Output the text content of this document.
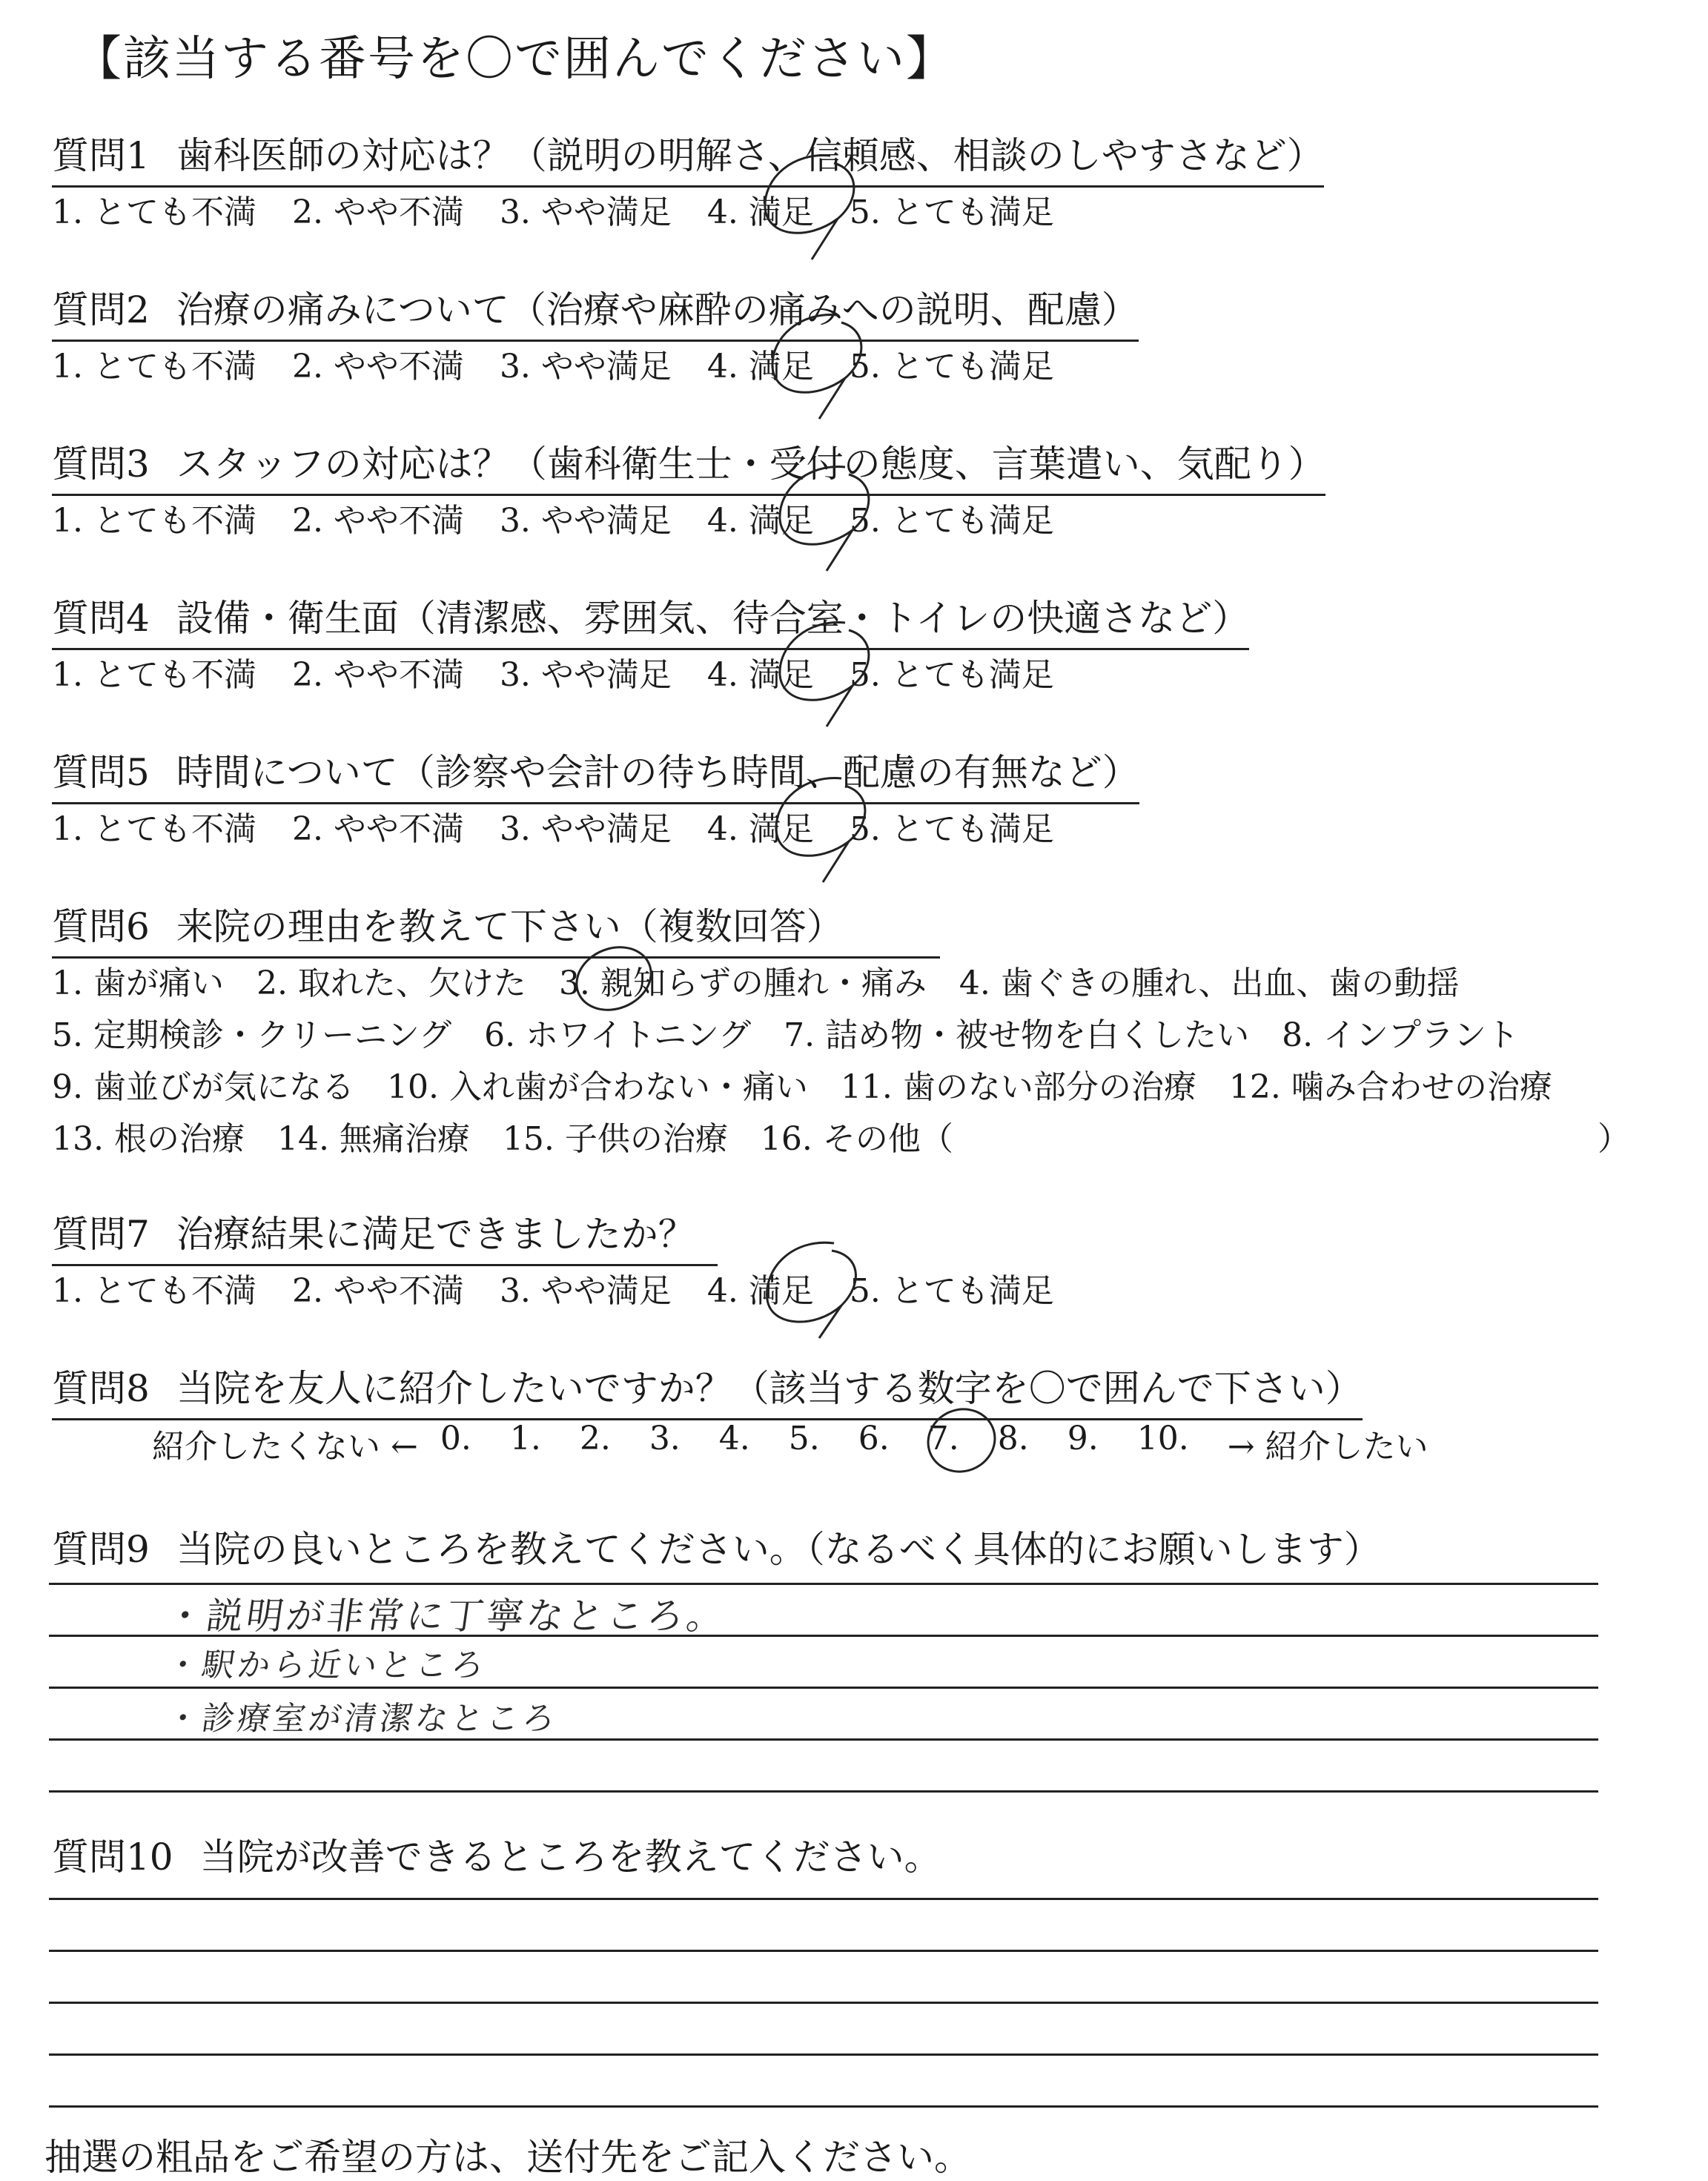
【該当する番号を〇で囲んでください】
質問1 歯科医師の対応は？（説明の明解さ、信頼感、相談のしやすさなど）
1. とても不満 2. やや不満 3. やや満足 4. 満足 5. とても満足
質問2 治療の痛みについて（治療や麻酔の痛みへの説明、配慮）
1. とても不満 2. やや不満 3. やや満足 4. 満足 5. とても満足
質問3 スタッフの対応は？（歯科衛生士・受付の態度、言葉遣い、気配り）
1. とても不満 2. やや不満 3. やや満足 4. 満足 5. とても満足
質問4 設備・衛生面（清潔感、雰囲気、待合室・トイレの快適さなど）
1. とても不満 2. やや不満 3. やや満足 4. 満足 5. とても満足
質問5 時間について（診察や会計の待ち時間、配慮の有無など）
1. とても不満 2. やや不満 3. やや満足 4. 満足 5. とても満足
質問6 来院の理由を教えて下さい（複数回答）
1. 歯が痛い 2. 取れた、欠けた 3. 親知らずの腫れ・痛み 4. 歯ぐきの腫れ、出血、歯の動揺
5. 定期検診・クリーニング 6. ホワイトニング 7. 詰め物・被せ物を白くしたい 8. インプラント
9. 歯並びが気になる 10. 入れ歯が合わない・痛い 11. 歯のない部分の治療 12. 噛み合わせの治療
13. 根の治療 14. 無痛治療 15. 子供の治療 16. その他（	）
質問7 治療結果に満足できましたか？
1. とても不満 2. やや不満 3. やや満足 4. 満足 5. とても満足
質問8 当院を友人に紹介したいですか？（該当する数字を〇で囲んで下さい）
紹介したくない ← 0. 1. 2. 3. 4. 5. 6. 7. 8. 9. 10. → 紹介したい
質問9 当院の良いところを教えてください。（なるべく具体的にお願いします）
・説明が非常に丁寧なところ。
・駅から近いところ
・診療室が清潔なところ
質問10 当院が改善できるところを教えてください。
抽選の粗品をご希望の方は、送付先をご記入ください。
